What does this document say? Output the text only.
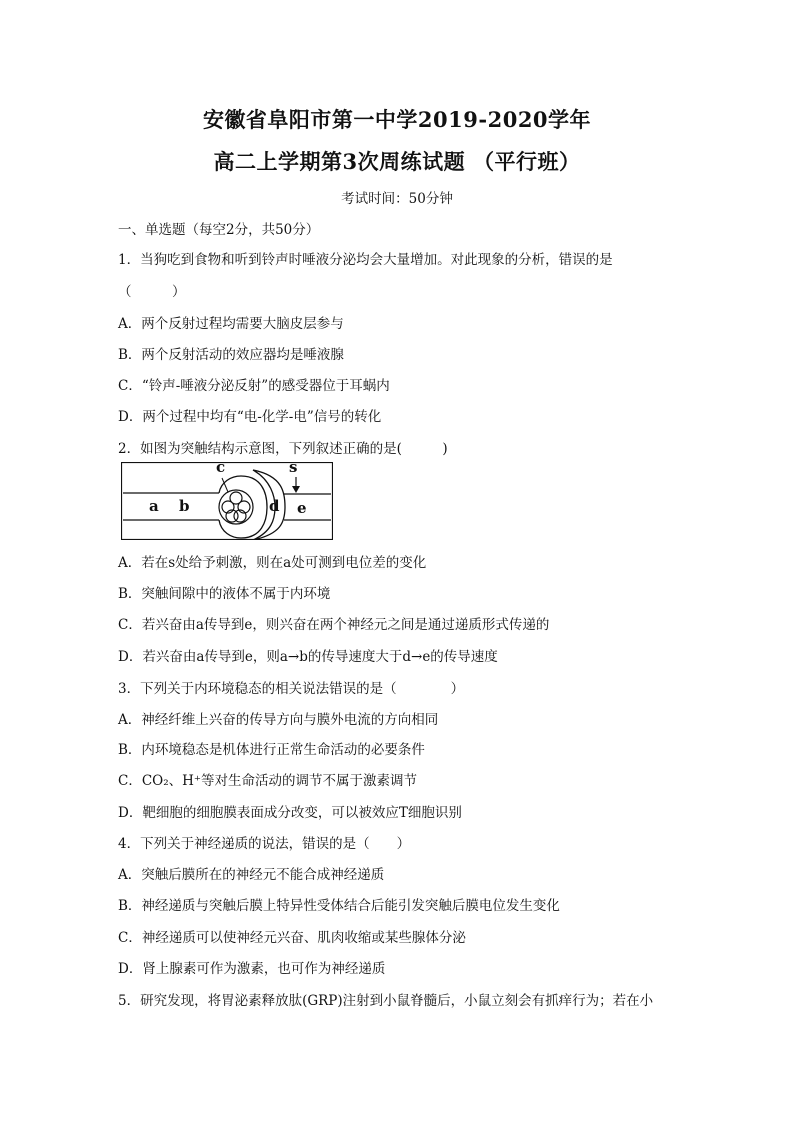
安徽省阜阳市第一中学2019-2020学年
高二上学期第3次周练试题 （平行班）
考试时间：50分钟
一、单选题（每空2分，共50分）
1．当狗吃到食物和听到铃声时唾液分泌均会大量增加。对此现象的分析，错误的是
（　　　）
A．两个反射过程均需要大脑皮层参与
B．两个反射活动的效应器均是唾液腺
C．“铃声-唾液分泌反射”的感受器位于耳蜗内
D．两个过程中均有“电-化学-电”信号的转化
2．如图为突触结构示意图，下列叙述正确的是(　　　)
a b
c	s
d e
A．若在s处给予刺激，则在a处可测到电位差的变化
B．突触间隙中的液体不属于内环境
C．若兴奋由a传导到e，则兴奋在两个神经元之间是通过递质形式传递的
D．若兴奋由a传导到e，则a→b的传导速度大于d→e的传导速度
3．下列关于内环境稳态的相关说法错误的是（　　　　）
A．神经纤维上兴奋的传导方向与膜外电流的方向相同
B．内环境稳态是机体进行正常生命活动的必要条件
C．CO₂、H⁺等对生命活动的调节不属于激素调节
D．靶细胞的细胞膜表面成分改变，可以被效应T细胞识别
4．下列关于神经递质的说法，错误的是（　　）
A．突触后膜所在的神经元不能合成神经递质
B．神经递质与突触后膜上特异性受体结合后能引发突触后膜电位发生变化
C．神经递质可以使神经元兴奋、肌肉收缩或某些腺体分泌
D．肾上腺素可作为激素，也可作为神经递质
5．研究发现，将胃泌素释放肽(GRP)注射到小鼠脊髓后，小鼠立刻会有抓痒行为；若在小
